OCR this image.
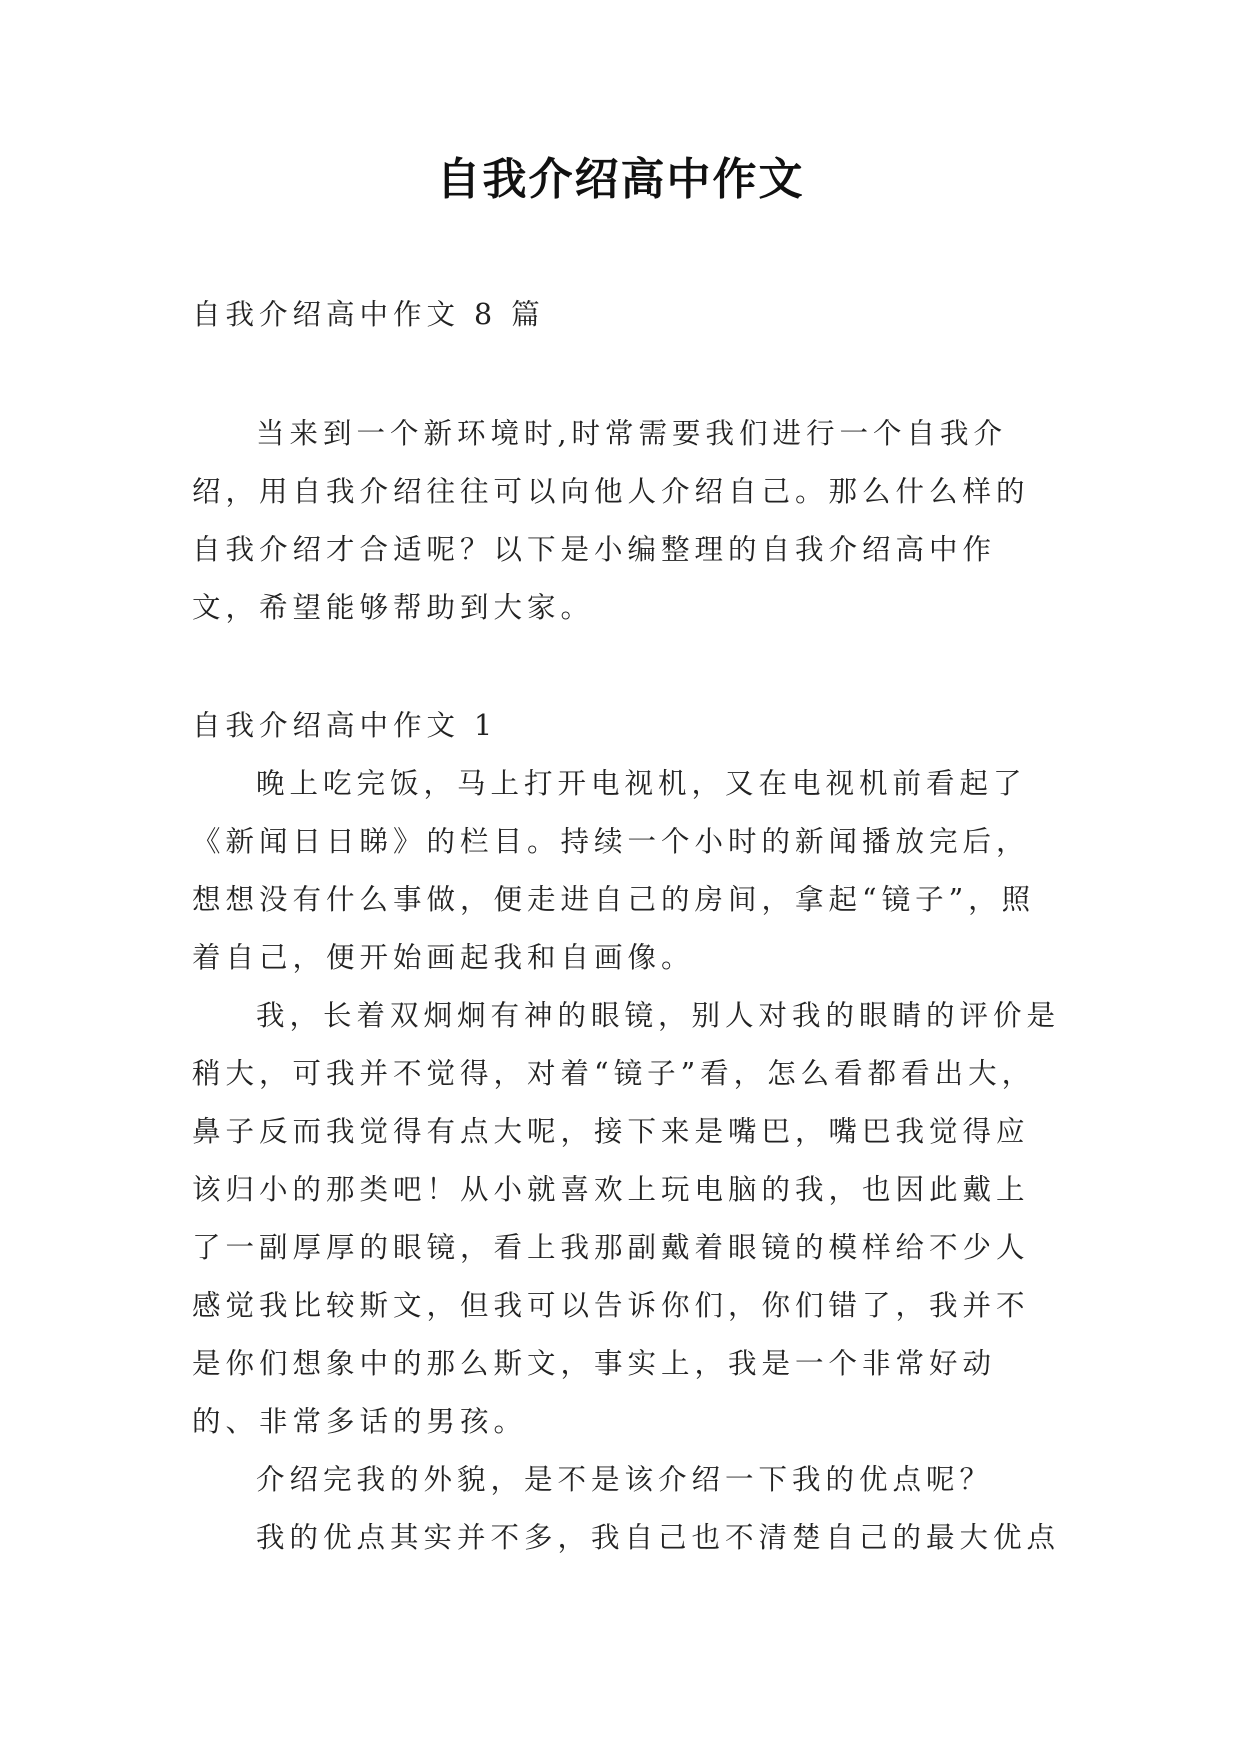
自我介绍高中作文

自我介绍高中作文 8 篇

当来到一个新环境时,时常需要我们进行一个自我介绍，用自我介绍往往可以向他人介绍自己。那么什么样的自我介绍才合适呢？以下是小编整理的自我介绍高中作文，希望能够帮助到大家。

自我介绍高中作文 1

晚上吃完饭，马上打开电视机，又在电视机前看起了《新闻日日睇》的栏目。持续一个小时的新闻播放完后，想想没有什么事做，便走进自己的房间，拿起“镜子”，照着自己，便开始画起我和自画像。

我，长着双炯炯有神的眼镜，别人对我的眼睛的评价是稍大，可我并不觉得，对着“镜子”看，怎么看都看出大，鼻子反而我觉得有点大呢，接下来是嘴巴，嘴巴我觉得应该归小的那类吧！从小就喜欢上玩电脑的我，也因此戴上了一副厚厚的眼镜，看上我那副戴着眼镜的模样给不少人感觉我比较斯文，但我可以告诉你们，你们错了，我并不是你们想象中的那么斯文，事实上，我是一个非常好动的、非常多话的男孩。

介绍完我的外貌，是不是该介绍一下我的优点呢？

我的优点其实并不多，我自己也不清楚自己的最大优点
